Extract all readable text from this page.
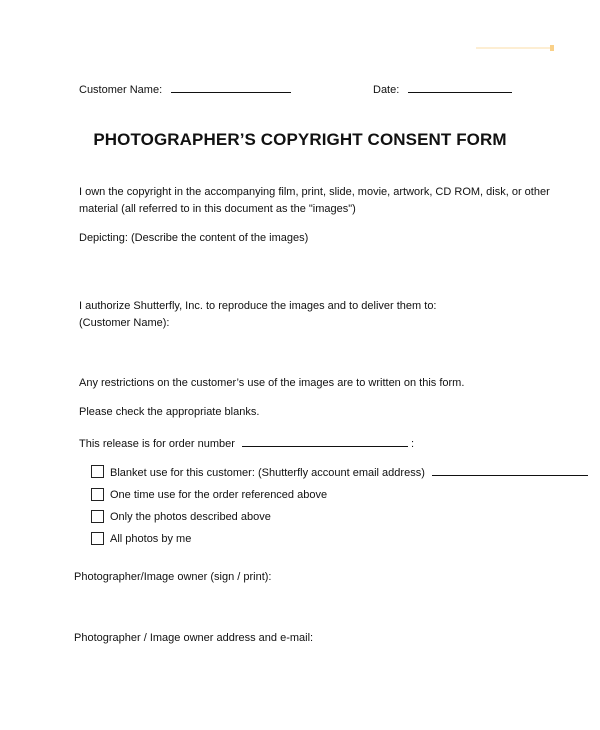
Customer Name:	Date:
PHOTOGRAPHER’S COPYRIGHT CONSENT FORM
I own the copyright in the accompanying film, print, slide, movie, artwork, CD ROM, disk, or other
material (all referred to in this document as the "images")
Depicting: (Describe the content of the images)
I authorize Shutterfly, Inc. to reproduce the images and to deliver them to:
(Customer Name):
Any restrictions on the customer’s use of the images are to written on this form.
Please check the appropriate blanks.
This release is for order number	:
Blanket use for this customer: (Shutterfly account email address)
One time use for the order referenced above
Only the photos described above
All photos by me
Photographer/Image owner (sign / print):
Photographer / Image owner address and e-mail:
